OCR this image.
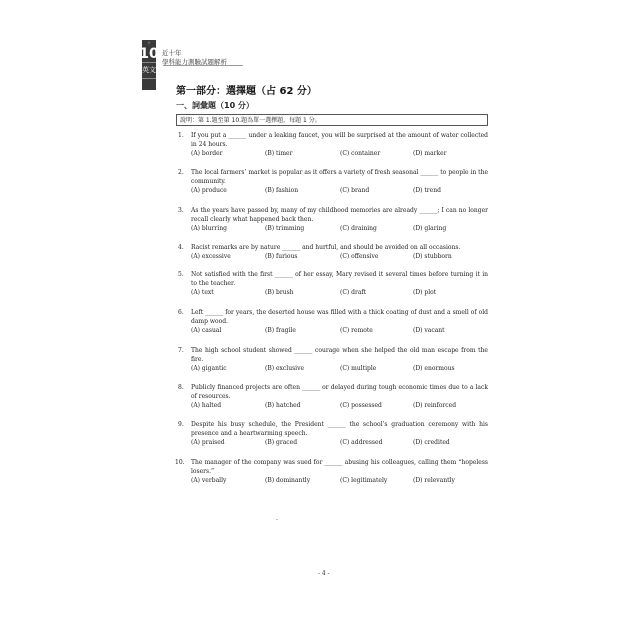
十
10
英文
近十年
學科能力測驗試題解析
第一部分：選擇題（占 62 分）
一、詞彙題（10 分）
說明：第 1.題至第 10.題為單一選擇題，每題 1 分。
1. If you put a ______ under a leaking faucet, you will be surprised at the amount of water collected in 24 hours.
(A) border	(B) timer	(C) container	(D) marker
2. The local farmers’ market is popular as it offers a variety of fresh seasonal ______ to people in the community.
(A) produce	(B) fashion	(C) brand	(D) trend
3. As the years have passed by, many of my childhood memories are already ______; I can no longer recall clearly what happened back then.
(A) blurring	(B) trimming	(C) draining	(D) glaring
4. Racist remarks are by nature ______ and hurtful, and should be avoided on all occasions.
(A) excessive	(B) furious	(C) offensive	(D) stubborn
5. Not satisfied with the first ______ of her essay, Mary revised it several times before turning it in to the teacher.
(A) text	(B) brush	(C) draft	(D) plot
6. Left ______ for years, the deserted house was filled with a thick coating of dust and a smell of old damp wood.
(A) casual	(B) fragile	(C) remote	(D) vacant
7. The high school student showed ______ courage when she helped the old man escape from the fire.
(A) gigantic	(B) exclusive	(C) multiple	(D) enormous
8. Publicly financed projects are often ______ or delayed during tough economic times due to a lack of resources.
(A) halted	(B) hatched	(C) possessed	(D) reinforced
9. Despite his busy schedule, the President ______ the school’s graduation ceremony with his presence and a heartwarming speech.
(A) praised	(B) graced	(C) addressed	(D) credited
10. The manager of the company was sued for ______ abusing his colleagues, calling them “hopeless losers.”
(A) verbally	(B) dominantly	(C) legitimately	(D) relevantly
-
- 4 -
